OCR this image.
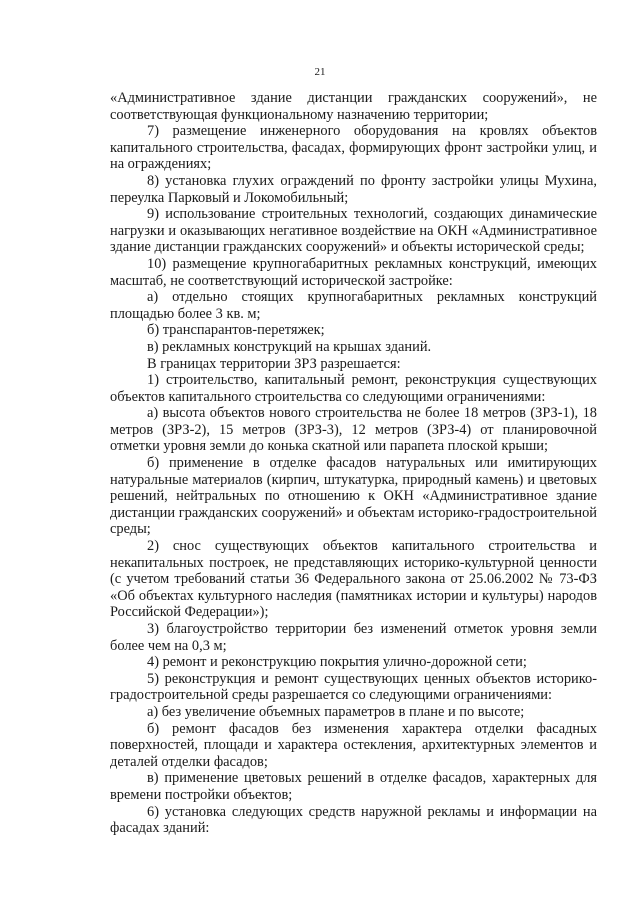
21

«Административное здание дистанции гражданских сооружений», не соответствующая функциональному назначению территории;

7) размещение инженерного оборудования на кровлях объектов капитального строительства, фасадах, формирующих фронт застройки улиц, и на ограждениях;

8) установка глухих ограждений по фронту застройки улицы Мухина, переулка Парковый и Локомобильный;

9) использование строительных технологий, создающих динамические нагрузки и оказывающих негативное воздействие на ОКН «Административное здание дистанции гражданских сооружений» и объекты исторической среды;

10) размещение крупногабаритных рекламных конструкций, имеющих масштаб, не соответствующий исторической застройке:

а) отдельно стоящих крупногабаритных рекламных конструкций площадью более 3 кв. м;

б) транспарантов-перетяжек;

в) рекламных конструкций на крышах зданий.

В границах территории ЗРЗ разрешается:

1) строительство, капитальный ремонт, реконструкция существующих объектов капитального строительства со следующими ограничениями:

а) высота объектов нового строительства не более 18 метров (ЗРЗ-1), 18 метров (ЗРЗ-2), 15 метров (ЗРЗ-3), 12 метров (ЗРЗ-4) от планировочной отметки уровня земли до конька скатной или парапета плоской крыши;

б) применение в отделке фасадов натуральных или имитирующих натуральные материалов (кирпич, штукатурка, природный камень) и цветовых решений, нейтральных по отношению к ОКН «Административное здание дистанции гражданских сооружений» и объектам историко-градостроительной среды;

2) снос существующих объектов капитального строительства и некапитальных построек, не представляющих историко-культурной ценности (с учетом требований статьи 36 Федерального закона от 25.06.2002 № 73-ФЗ «Об объектах культурного наследия (памятниках истории и культуры) народов Российской Федерации»);

3) благоустройство территории без изменений отметок уровня земли более чем на 0,3 м;

4) ремонт и реконструкцию покрытия улично-дорожной сети;

5) реконструкция и ремонт существующих ценных объектов историко-градостроительной среды разрешается со следующими ограничениями:

а) без увеличение объемных параметров в плане и по высоте;

б) ремонт фасадов без изменения характера отделки фасадных поверхностей, площади и характера остекления, архитектурных элементов и деталей отделки фасадов;

в) применение цветовых решений в отделке фасадов, характерных для времени постройки объектов;

6) установка следующих средств наружной рекламы и информации на фасадах зданий:
